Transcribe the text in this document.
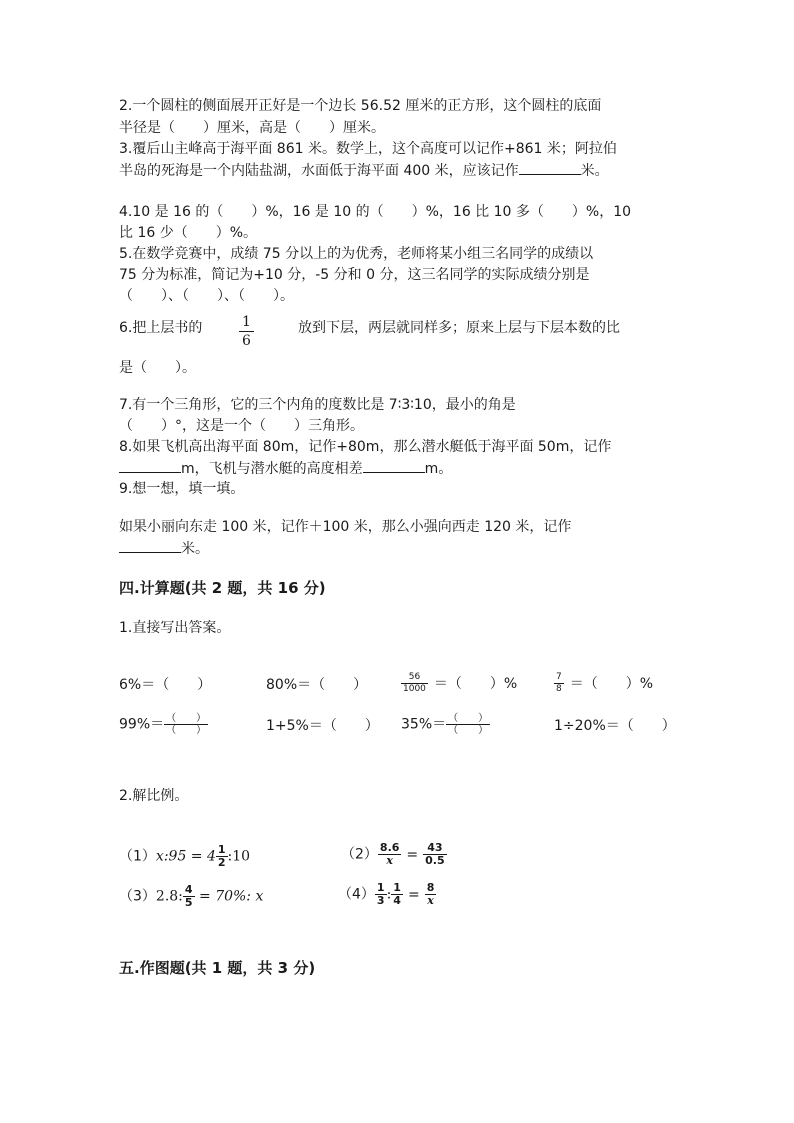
2.一个圆柱的侧面展开正好是一个边长 56.52 厘米的正方形，这个圆柱的底面
半径是（　　）厘米，高是（　　）厘米。
3.覆后山主峰高于海平面 861 米。数学上，这个高度可以记作+861 米；阿拉伯
半岛的死海是一个内陆盐湖，水面低于海平面 400 米，应该记作	米。
4.10 是 16 的（　　）%，16 是 10 的（　　）%，16 比 10 多（　　）%，10
比 16 少（　　）%。
5.在数学竞赛中，成绩 75 分以上的为优秀，老师将某小组三名同学的成绩以
75 分为标准，简记为+10 分，-5 分和 0 分，这三名同学的实际成绩分别是
（　　）、（　　）、（　　）。
6.把上层书的	$\frac{1}{6}$	放到下层，两层就同样多；原来上层与下层本数的比
是（　　）。
7.有一个三角形，它的三个内角的度数比是 7∶3∶10，最小的角是
（　　）°，这是一个（　　）三角形。
8.如果飞机高出海平面 80m，记作+80m，那么潜水艇低于海平面 50m，记作
m，飞机与潜水艇的高度相差	m。
9.想一想，填一填。
如果小丽向东走 100 米，记作＋100 米，那么小强向西走 120 米，记作
米。
四.计算题(共 2 题，共 16 分)
1.直接写出答案。
6%＝（　　）	80%＝（　　）	$\frac{56}{1000}$ ＝（　　）%	$\frac{7}{8}$ ＝（　　）%
$99\%= \frac{( )}{( )}$	1+5%＝（　　） $35\%= \frac{( )}{( )}$	1÷20%＝（　　）
2.解比例。
（1）x:95 = $4 \frac{1}{2}$ :10	$(2) \frac{8.6}{x} = \frac{43}{0.5}$
（3）2.8: $\frac{4}{5} = 70\%$: x	$(4) \frac{1}{3}$ : $\frac{1}{4} = \frac{8}{x}$
五.作图题(共 1 题，共 3 分)
